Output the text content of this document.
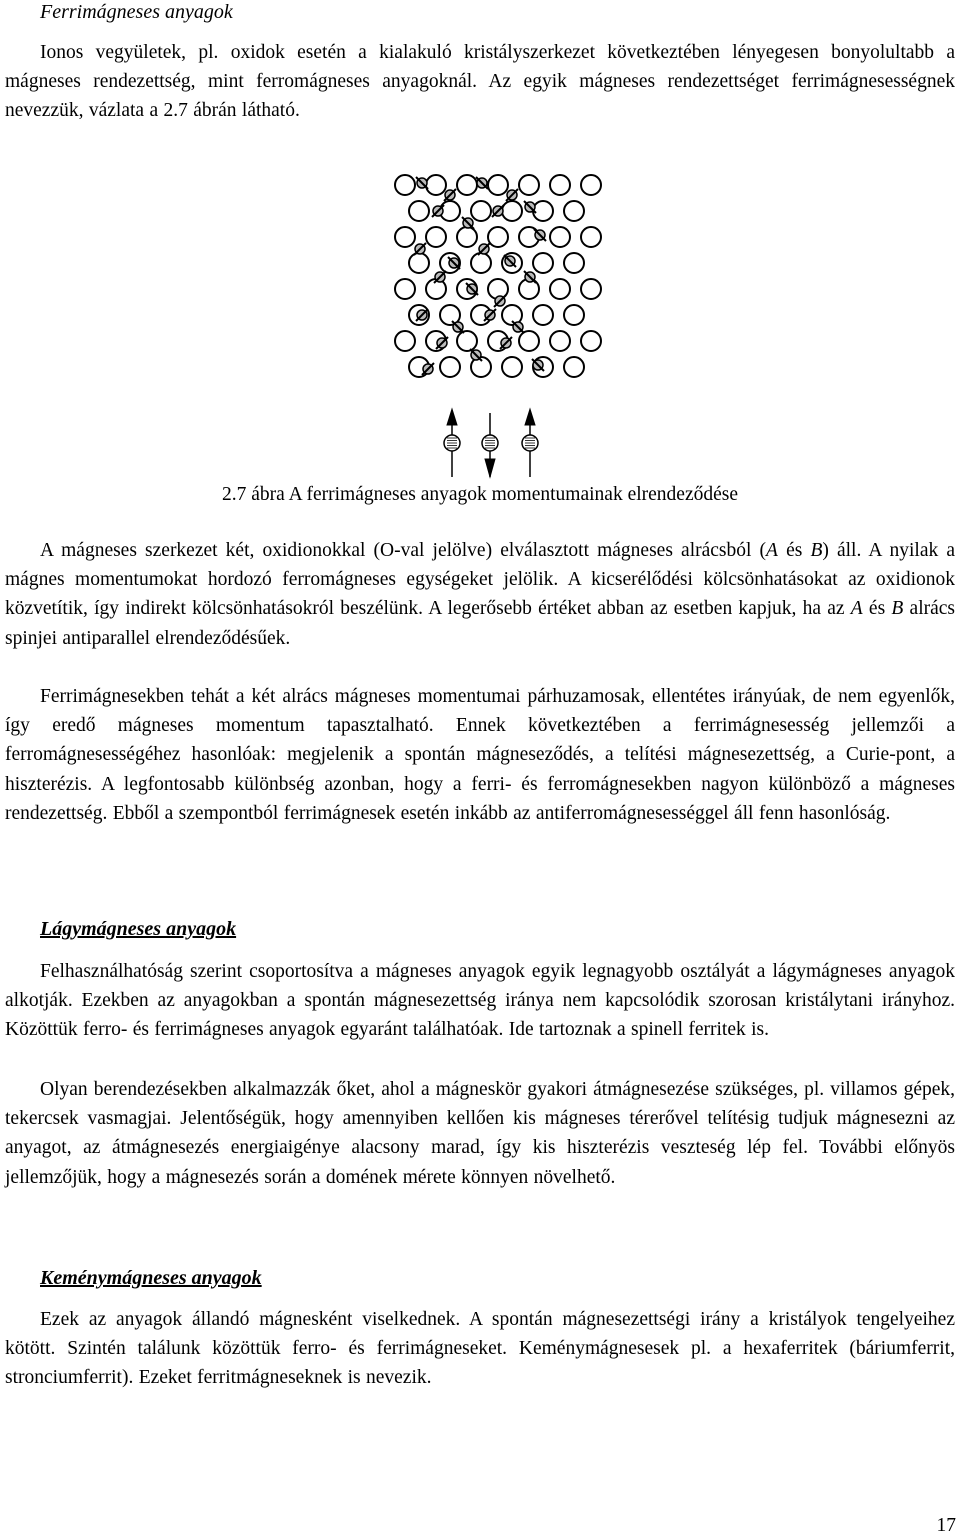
Ferrimágneses anyagok

Ionos vegyületek, pl. oxidok esetén a kialakuló kristályszerkezet következtében lényegesen bonyolultabb a mágneses rendezettség, mint ferromágneses anyagoknál. Az egyik mágneses rendezettséget ferrimágnesességnek nevezzük, vázlata a 2.7 ábrán látható.

2.7 ábra A ferrimágneses anyagok momentumainak elrendeződése

A mágneses szerkezet két, oxidionokkal (O-val jelölve) elválasztott mágneses alrácsból (A és B) áll. A nyilak a mágnes momentumokat hordozó ferromágneses egységeket jelölik. A kicserélődési kölcsönhatásokat az oxidionok közvetítik, így indirekt kölcsönhatásokról beszélünk. A legerősebb értéket abban az esetben kapjuk, ha az A és B alrács spinjei antiparallel elrendeződésűek.

Ferrimágnesekben tehát a két alrács mágneses momentumai párhuzamosak, ellentétes irányúak, de nem egyenlők, így eredő mágneses momentum tapasztalható. Ennek következtében a ferrimágnesesség jellemzői a ferromágnesességéhez hasonlóak: megjelenik a spontán mágneseződés, a telítési mágnesezettség, a Curie-pont, a hiszterézis. A legfontosabb különbség azonban, hogy a ferri- és ferromágnesekben nagyon különböző a mágneses rendezettség. Ebből a szempontból ferrimágnesek esetén inkább az antiferromágnesességgel áll fenn hasonlóság.

Lágymágneses anyagok

Felhasználhatóság szerint csoportosítva a mágneses anyagok egyik legnagyobb osztályát a lágymágneses anyagok alkotják. Ezekben az anyagokban a spontán mágnesezettség iránya nem kapcsolódik szorosan kristálytani irányhoz. Közöttük ferro- és ferrimágneses anyagok egyaránt találhatóak. Ide tartoznak a spinell ferritek is.

Olyan berendezésekben alkalmazzák őket, ahol a mágneskör gyakori átmágnesezése szükséges, pl. villamos gépek, tekercsek vasmagjai. Jelentőségük, hogy amennyiben kellően kis mágneses térerővel telítésig tudjuk mágnesezni az anyagot, az átmágnesezés energiaigénye alacsony marad, így kis hiszterézis veszteség lép fel. További előnyös jellemzőjük, hogy a mágnesezés során a domének mérete könnyen növelhető.

Keménymágneses anyagok

Ezek az anyagok állandó mágnesként viselkednek. A spontán mágnesezettségi irány a kristályok tengelyeihez kötött. Szintén találunk közöttük ferro- és ferrimágneseket. Keménymágnesesek pl. a hexaferritek (báriumferrit, stronciumferrit). Ezeket ferritmágneseknek is nevezik.

17
